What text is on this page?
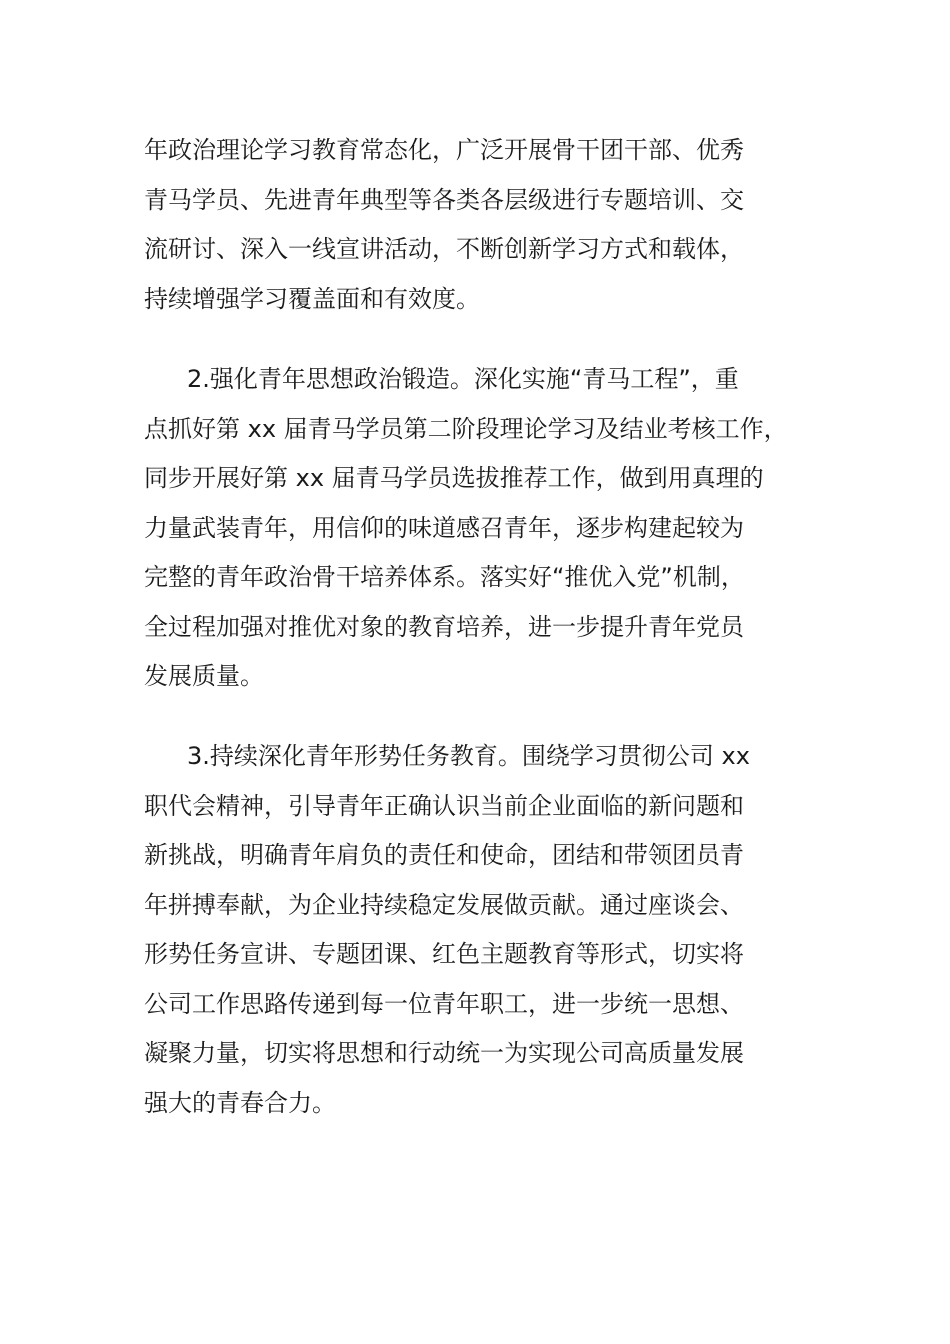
年政治理论学习教育常态化，广泛开展骨干团干部、优秀
青马学员、先进青年典型等各类各层级进行专题培训、交
流研讨、深入一线宣讲活动，不断创新学习方式和载体，
持续增强学习覆盖面和有效度。
2.强化青年思想政治锻造。深化实施“青马工程”，重
点抓好第 xx 届青马学员第二阶段理论学习及结业考核工作，
同步开展好第 xx 届青马学员选拔推荐工作，做到用真理的
力量武装青年，用信仰的味道感召青年，逐步构建起较为
完整的青年政治骨干培养体系。落实好“推优入党”机制，
全过程加强对推优对象的教育培养，进一步提升青年党员
发展质量。
3.持续深化青年形势任务教育。围绕学习贯彻公司 xx
职代会精神，引导青年正确认识当前企业面临的新问题和
新挑战，明确青年肩负的责任和使命，团结和带领团员青
年拼搏奉献，为企业持续稳定发展做贡献。通过座谈会、
形势任务宣讲、专题团课、红色主题教育等形式，切实将
公司工作思路传递到每一位青年职工，进一步统一思想、
凝聚力量，切实将思想和行动统一为实现公司高质量发展
强大的青春合力。
